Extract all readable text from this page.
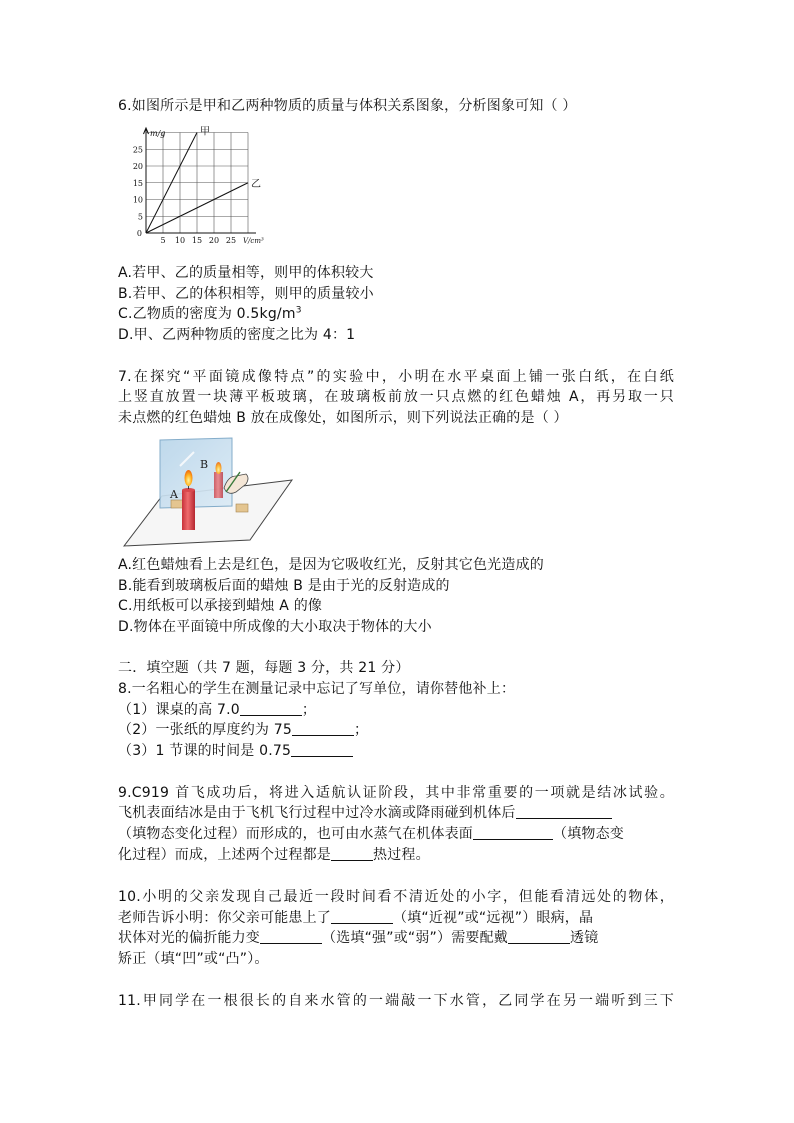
6.如图所示是甲和乙两种物质的质量与体积关系图象，分析图象可知（ ）
m/g
V/cm³
5 10 15 20 25
25
20
15
10
5
0
甲
乙
A.若甲、乙的质量相等，则甲的体积较大
B.若甲、乙的体积相等，则甲的质量较小
C.乙物质的密度为 $0.5kg/m^3$
D.甲、乙两种物质的密度之比为 4：1
7.在探究“平面镜成像特点”的实验中，小明在水平桌面上铺一张白纸，在白纸
上竖直放置一块薄平板玻璃，在玻璃板前放一只点燃的红色蜡烛 A，再另取一只
未点燃的红色蜡烛 B 放在成像处，如图所示，则下列说法正确的是（ ）
B
A
A.红色蜡烛看上去是红色，是因为它吸收红光，反射其它色光造成的
B.能看到玻璃板后面的蜡烛 B 是由于光的反射造成的
C.用纸板可以承接到蜡烛 A 的像
D.物体在平面镜中所成像的大小取决于物体的大小
二．填空题（共 7 题，每题 3 分，共 21 分）
8.一名粗心的学生在测量记录中忘记了写单位，请你替他补上：
（1）课桌的高 7.0	；
（2）一张纸的厚度约为 75	；
（3）1 节课的时间是 0.75
9.C919 首飞成功后，将进入适航认证阶段，其中非常重要的一项就是结冰试验。
飞机表面结冰是由于飞机飞行过程中过冷水滴或降雨碰到机体后
（填物态变化过程）而形成的，也可由水蒸气在机体表面	（填物态变
化过程）而成，上述两个过程都是	热过程。
10.小明的父亲发现自己最近一段时间看不清近处的小字，但能看清远处的物体，
老师告诉小明：你父亲可能患上了	（填“近视”或“远视”）眼病，晶
状体对光的偏折能力变	（选填“强”或“弱”）需要配戴	透镜
矫正（填“凹”或“凸”）。
11.甲同学在一根很长的自来水管的一端敲一下水管，乙同学在另一端听到三下
